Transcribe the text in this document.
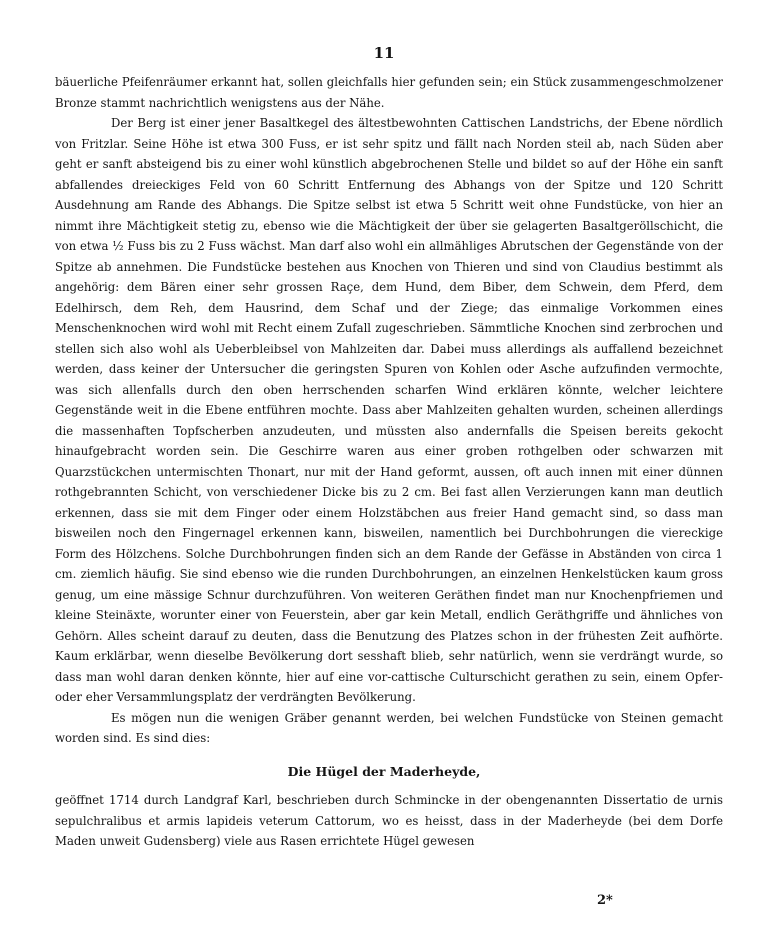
11

bäuerliche Pfeifenräumer erkannt hat, sollen gleichfalls hier gefunden sein; ein Stück zusammengeschmolzener Bronze stammt nachrichtlich wenigstens aus der Nähe.

Der Berg ist einer jener Basaltkegel des ältestbewohnten Cattischen Landstrichs, der Ebene nördlich von Fritzlar. Seine Höhe ist etwa 300 Fuss, er ist sehr spitz und fällt nach Norden steil ab, nach Süden aber geht er sanft absteigend bis zu einer wohl künstlich abgebrochenen Stelle und bildet so auf der Höhe ein sanft abfallendes dreieckiges Feld von 60 Schritt Entfernung des Abhangs von der Spitze und 120 Schritt Ausdehnung am Rande des Abhangs. Die Spitze selbst ist etwa 5 Schritt weit ohne Fundstücke, von hier an nimmt ihre Mächtigkeit stetig zu, ebenso wie die Mächtigkeit der über sie gelagerten Basaltgeröllschicht, die von etwa ½ Fuss bis zu 2 Fuss wächst. Man darf also wohl ein allmähliges Abrutschen der Gegenstände von der Spitze ab annehmen. Die Fundstücke bestehen aus Knochen von Thieren und sind von Claudius bestimmt als angehörig: dem Bären einer sehr grossen Raçe, dem Hund, dem Biber, dem Schwein, dem Pferd, dem Edelhirsch, dem Reh, dem Hausrind, dem Schaf und der Ziege; das einmalige Vorkommen eines Menschenknochen wird wohl mit Recht einem Zufall zugeschrieben. Sämmtliche Knochen sind zerbrochen und stellen sich also wohl als Ueberbleibsel von Mahlzeiten dar. Dabei muss allerdings als auffallend bezeichnet werden, dass keiner der Untersucher die geringsten Spuren von Kohlen oder Asche aufzufinden vermochte, was sich allenfalls durch den oben herrschenden scharfen Wind erklären könnte, welcher leichtere Gegenstände weit in die Ebene entführen mochte. Dass aber Mahlzeiten gehalten wurden, scheinen allerdings die massenhaften Topfscherben anzudeuten, und müssten also andernfalls die Speisen bereits gekocht hinaufgebracht worden sein. Die Geschirre waren aus einer groben rothgelben oder schwarzen mit Quarzstückchen untermischten Thonart, nur mit der Hand geformt, aussen, oft auch innen mit einer dünnen rothgebrannten Schicht, von verschiedener Dicke bis zu 2 cm. Bei fast allen Verzierungen kann man deutlich erkennen, dass sie mit dem Finger oder einem Holzstäbchen aus freier Hand gemacht sind, so dass man bisweilen noch den Fingernagel erkennen kann, bisweilen, namentlich bei Durchbohrungen die viereckige Form des Hölzchens. Solche Durchbohrungen finden sich an dem Rande der Gefässe in Abständen von circa 1 cm. ziemlich häufig. Sie sind ebenso wie die runden Durchbohrungen, an einzelnen Henkelstücken kaum gross genug, um eine mässige Schnur durchzuführen. Von weiteren Geräthen findet man nur Knochenpfriemen und kleine Steinäxte, worunter einer von Feuerstein, aber gar kein Metall, endlich Geräthgriffe und ähnliches von Gehörn. Alles scheint darauf zu deuten, dass die Benutzung des Platzes schon in der frühesten Zeit aufhörte. Kaum erklärbar, wenn dieselbe Bevölkerung dort sesshaft blieb, sehr natürlich, wenn sie verdrängt wurde, so dass man wohl daran denken könnte, hier auf eine vor-cattische Culturschicht gerathen zu sein, einem Opfer- oder eher Versammlungsplatz der verdrängten Bevölkerung.

Es mögen nun die wenigen Gräber genannt werden, bei welchen Fundstücke von Steinen gemacht worden sind. Es sind dies:

Die Hügel der Maderheyde,

geöffnet 1714 durch Landgraf Karl, beschrieben durch Schmincke in der obengenannten Dissertatio de urnis sepulchralibus et armis lapideis veterum Cattorum, wo es heisst, dass in der Maderheyde (bei dem Dorfe Maden unweit Gudensberg) viele aus Rasen errichtete Hügel gewesen

2*
